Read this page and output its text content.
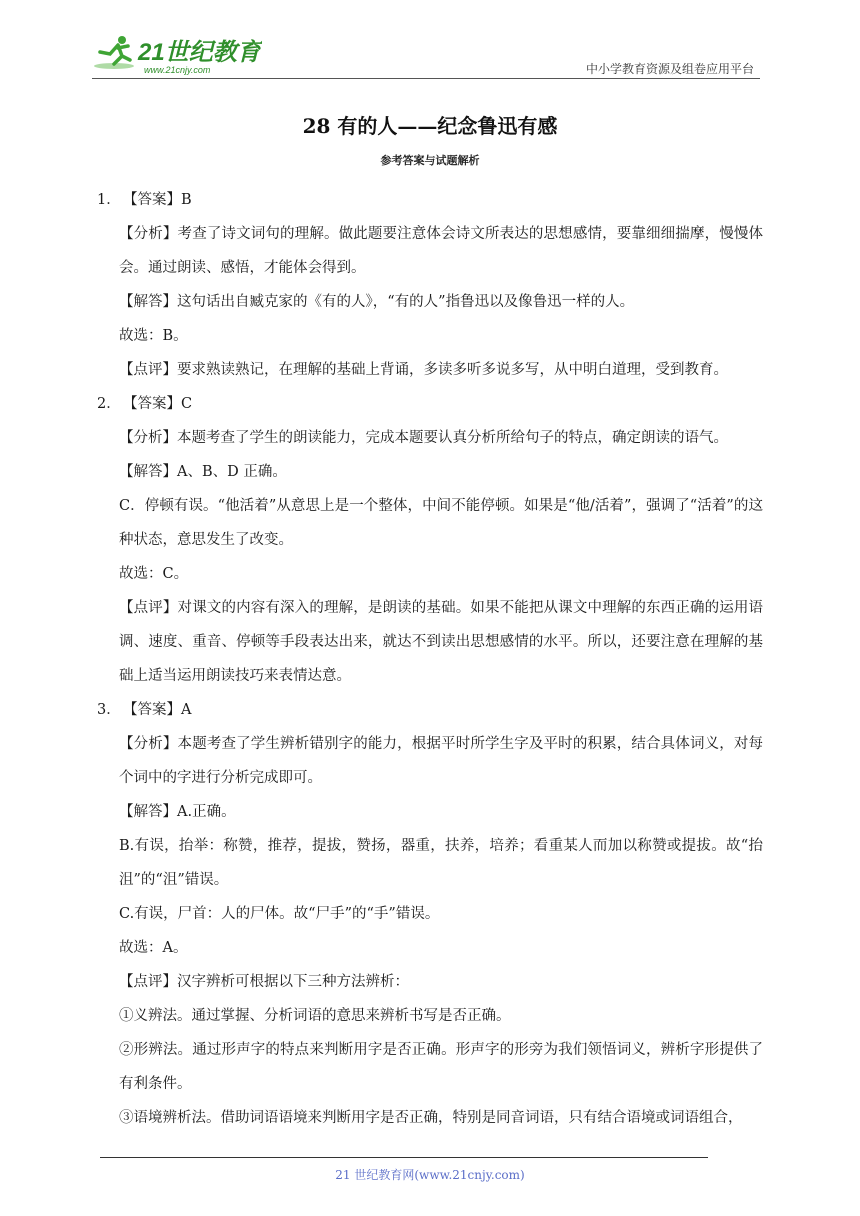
21世纪教育
www.21cnjy.com	中小学教育资源及组卷应用平台
28 有的人——纪念鲁迅有感
参考答案与试题解析

1． 【答案】B

【分析】考查了诗文词句的理解。做此题要注意体会诗文所表达的思想感情，要靠细细揣摩，慢慢体会。通过朗读、感悟，才能体会得到。

【解答】这句话出自臧克家的《有的人》，“有的人”指鲁迅以及像鲁迅一样的人。

故选：B。

【点评】要求熟读熟记，在理解的基础上背诵，多读多听多说多写，从中明白道理，受到教育。

2． 【答案】C

【分析】本题考查了学生的朗读能力，完成本题要认真分析所给句子的特点，确定朗读的语气。

【解答】A、B、D 正确。

C．停顿有误。“他活着”从意思上是一个整体，中间不能停顿。如果是“他/活着”，强调了“活着”的这种状态，意思发生了改变。

故选：C。

【点评】对课文的内容有深入的理解，是朗读的基础。如果不能把从课文中理解的东西正确的运用语调、速度、重音、停顿等手段表达出来，就达不到读出思想感情的水平。所以，还要注意在理解的基础上适当运用朗读技巧来表情达意。

3． 【答案】A

【分析】本题考查了学生辨析错别字的能力，根据平时所学生字及平时的积累，结合具体词义，对每个词中的字进行分析完成即可。

【解答】A.正确。

B.有误，抬举：称赞，推荐，提拔，赞扬，器重，扶养，培养；看重某人而加以称赞或提拔。故“抬沮”的“沮”错误。

C.有误，尸首：人的尸体。故“尸手”的“手”错误。

故选：A。

【点评】汉字辨析可根据以下三种方法辨析：

①义辨法。通过掌握、分析词语的意思来辨析书写是否正确。

②形辨法。通过形声字的特点来判断用字是否正确。形声字的形旁为我们领悟词义，辨析字形提供了有利条件。

③语境辨析法。借助词语语境来判断用字是否正确，特别是同音词语，只有结合语境或词语组合，

21 世纪教育网(www.21cnjy.com)
